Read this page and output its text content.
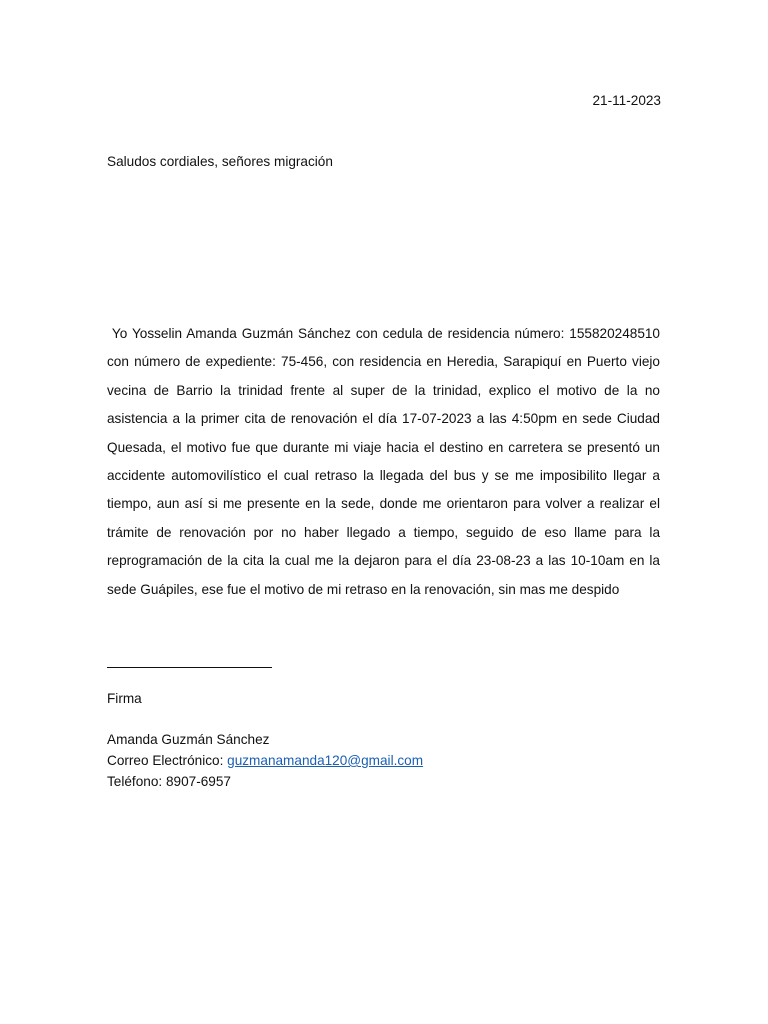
21-11-2023
Saludos cordiales, señores migración
Yo Yosselin Amanda Guzmán Sánchez con cedula de residencia número: 155820248510 con número de expediente: 75-456, con residencia en Heredia, Sarapiquí en Puerto viejo vecina de Barrio la trinidad frente al super de la trinidad, explico el motivo de la no asistencia a la primer cita de renovación el día 17-07-2023 a las 4:50pm en sede Ciudad Quesada, el motivo fue que durante mi viaje hacia el destino en carretera se presentó un accidente automovilístico el cual retraso la llegada del bus y se me imposibilito llegar a tiempo, aun así si me presente en la sede, donde me orientaron para volver a realizar el trámite de renovación por no haber llegado a tiempo, seguido de eso llame para la reprogramación de la cita la cual me la dejaron para el día 23-08-23 a las 10-10am en la sede Guápiles, ese fue el motivo de mi retraso en la renovación, sin mas me despido
Firma
Amanda Guzmán Sánchez
Correo Electrónico: guzmanamanda120@gmail.com
Teléfono: 8907-6957
